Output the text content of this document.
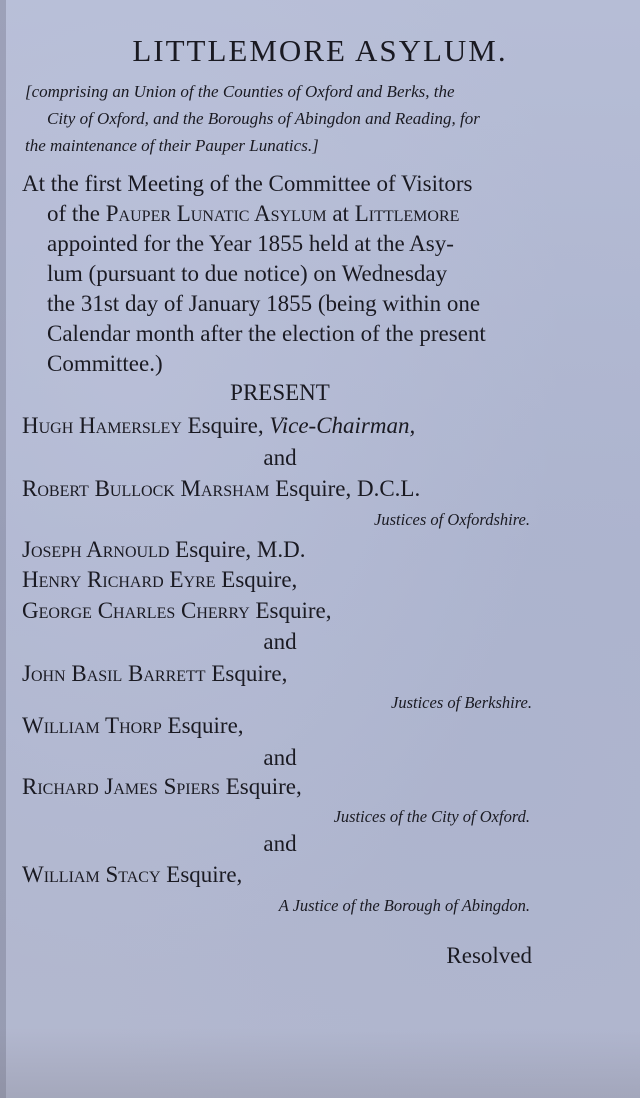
LITTLEMORE ASYLUM.
[comprising an Union of the Counties of Oxford and Berks, the
City of Oxford, and the Boroughs of Abingdon and Reading, for
the maintenance of their Pauper Lunatics.]
At the first Meeting of the Committee of Visitors
of the Pauper Lunatic Asylum at Littlemore
appointed for the Year 1855 held at the Asy-
lum (pursuant to due notice) on Wednesday
the 31st day of January 1855 (being within one
Calendar month after the election of the present
Committee.)
PRESENT
Hugh Hamersley Esquire, Vice-Chairman,
and
Robert Bullock Marsham Esquire, D.C.L.
Justices of Oxfordshire.
Joseph Arnould Esquire, M.D.
Henry Richard Eyre Esquire,
George Charles Cherry Esquire,
and
John Basil Barrett Esquire,
Justices of Berkshire.
William Thorp Esquire,
and
Richard James Spiers Esquire,
Justices of the City of Oxford.
and
William Stacy Esquire,
A Justice of the Borough of Abingdon.
Resolved
